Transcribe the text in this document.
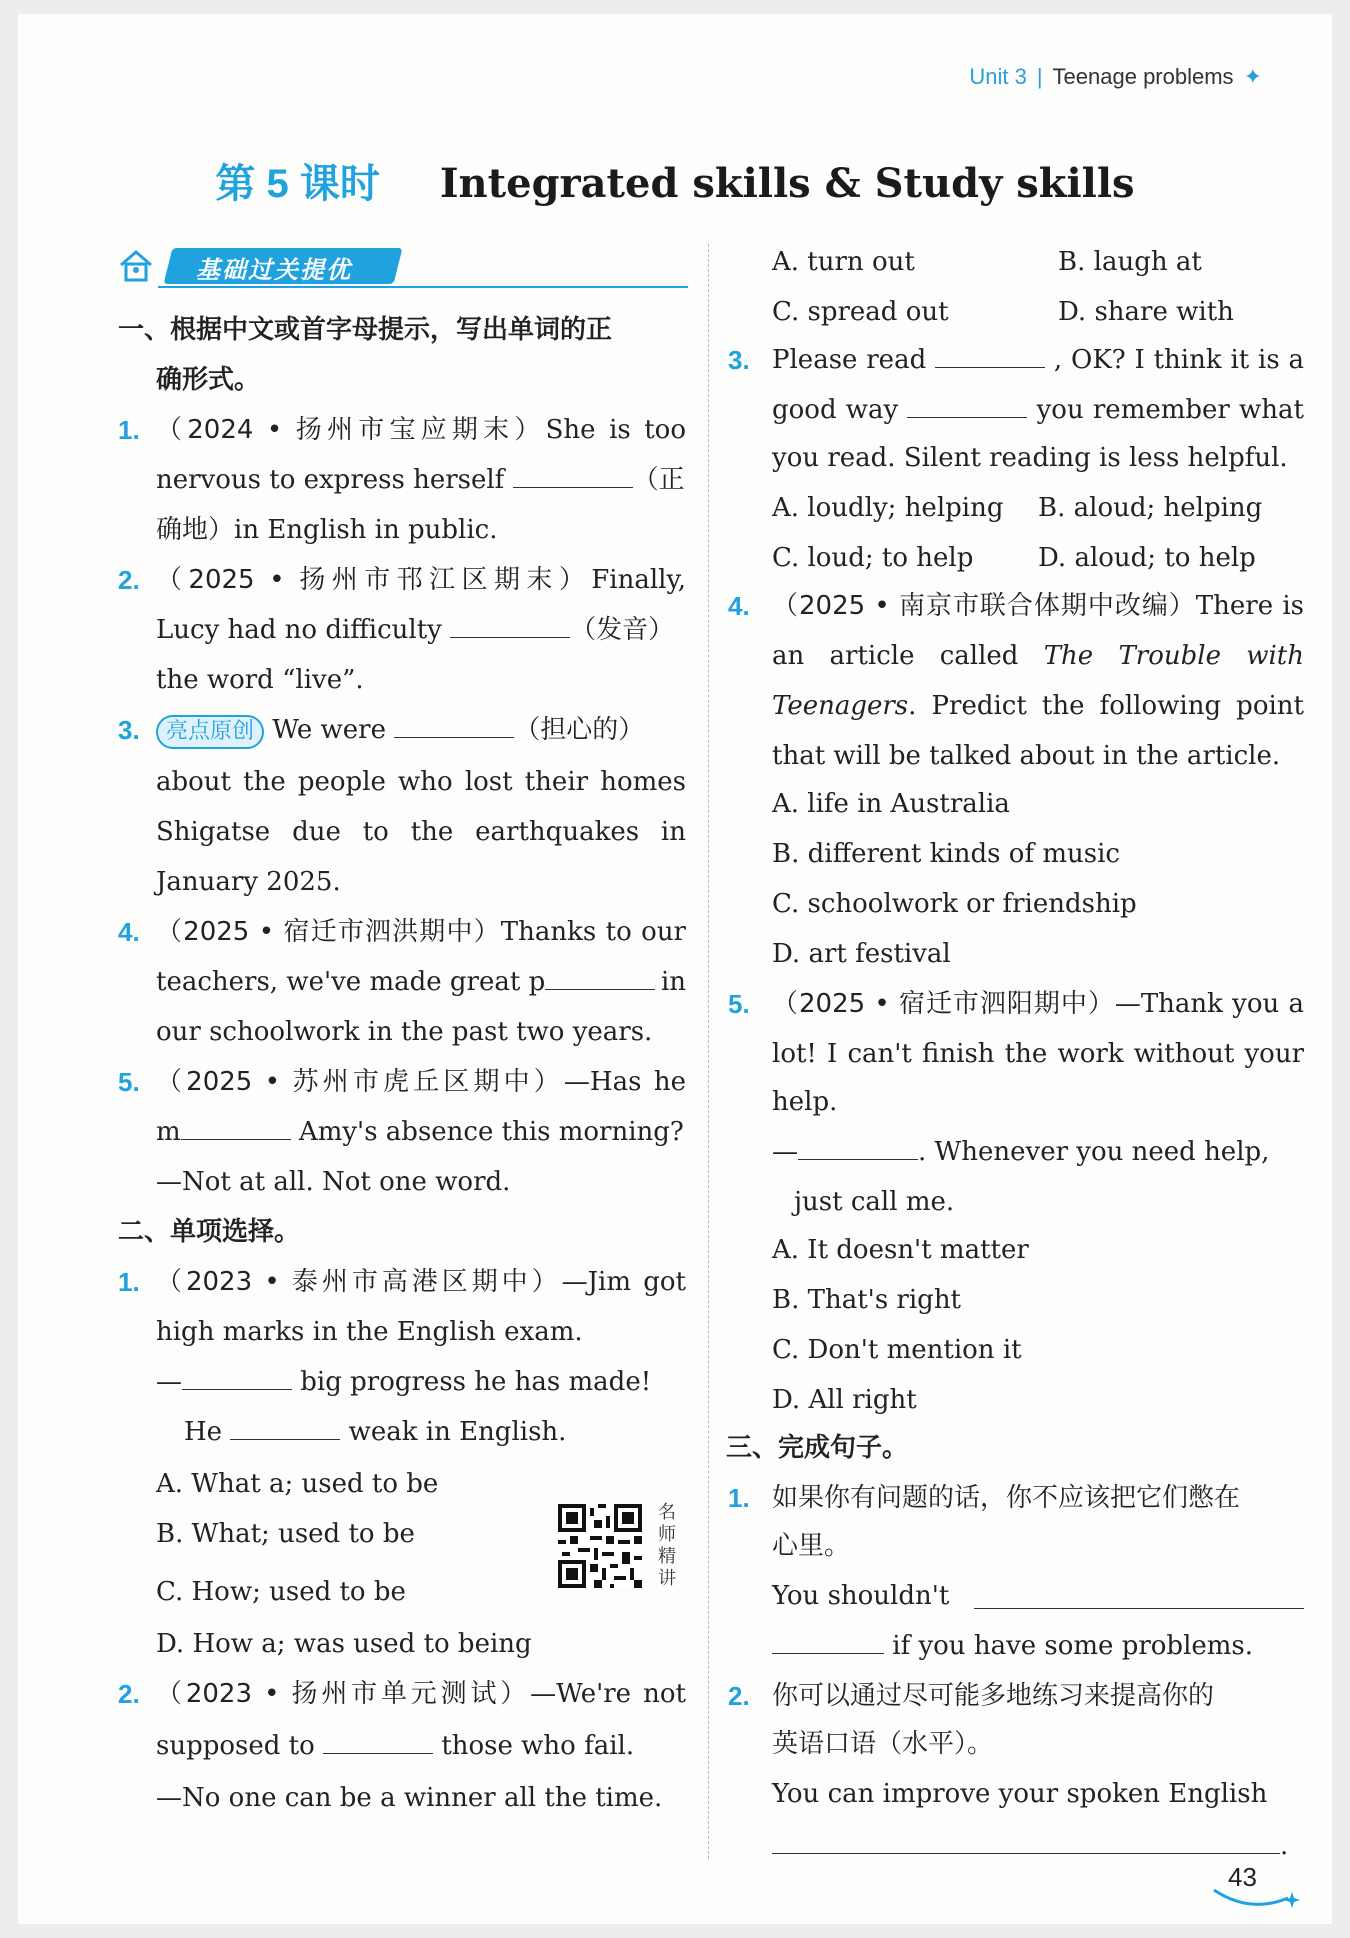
Unit 3 | Teenage problems ✦
第 5 课时 Integrated skills & Study skills
基础过关提优
一、根据中文或首字母提示，写出单词的正
确形式。
1. （2024 • 扬州市宝应期末）She is too
nervous to express herself	（正
确地）in English in public.
2. （2025 • 扬州市邗江区期末）Finally,
Lucy had no difficulty	（发音）
the word “live”.
3.	亮点原创 We were	（担心的）
about the people who lost their homes
Shigatse due to the earthquakes in
January 2025.
4. （2025 • 宿迁市泗洪期中）Thanks to our
teachers, we've made great p	in
our schoolwork in the past two years.
5. （2025 • 苏州市虎丘区期中）—Has he
m	Amy's absence this morning?
—Not at all. Not one word.
二、单项选择。
1. （2023 • 泰州市高港区期中）—Jim got
high marks in the English exam.
—	big progress he has made!
He	weak in English.
A. What a; used to be
B. What; used to be
C. How; used to be
D. How a; was used to being
2. （2023 • 扬州市单元测试）—We're not
supposed to	those who fail.
—No one can be a winner all the time.
名师精讲
A. turn out	B. laugh at
C. spread out	D. share with
3. Please read	, OK? I think it is a
good way	you remember what
you read. Silent reading is less helpful.
A. loudly; helping B. aloud; helping
C. loud; to help D. aloud; to help
4. （2025 • 南京市联合体期中改编）There is
an article called The Trouble with
Teenagers. Predict the following point
that will be talked about in the article.
A. life in Australia
B. different kinds of music
C. schoolwork or friendship
D. art festival
5. （2025 • 宿迁市泗阳期中）—Thank you a
lot! I can't finish the work without your
help.
—	. Whenever you need help,
just call me.
A. It doesn't matter
B. That's right
C. Don't mention it
D. All right
三、完成句子。
1. 如果你有问题的话，你不应该把它们憋在
心里。
You shouldn't
if you have some problems.
2. 你可以通过尽可能多地练习来提高你的
英语口语（水平）。
You can improve your spoken English
.
43
